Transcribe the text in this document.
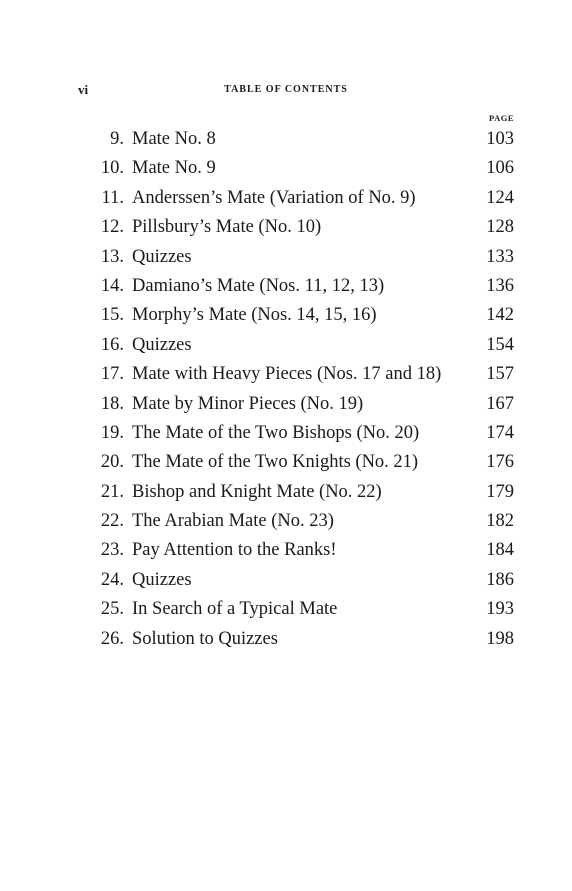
vi	TABLE OF CONTENTS
PAGE
9. Mate No. 8	103
10. Mate No. 9	106
11. Anderssen’s Mate (Variation of No. 9)	124
12. Pillsbury’s Mate (No. 10)	128
13. Quizzes	133
14. Damiano’s Mate (Nos. 11, 12, 13)	136
15. Morphy’s Mate (Nos. 14, 15, 16)	142
16. Quizzes	154
17. Mate with Heavy Pieces (Nos. 17 and 18)	157
18. Mate by Minor Pieces (No. 19)	167
19. The Mate of the Two Bishops (No. 20)	174
20. The Mate of the Two Knights (No. 21)	176
21. Bishop and Knight Mate (No. 22)	179
22. The Arabian Mate (No. 23)	182
23. Pay Attention to the Ranks!	184
24. Quizzes	186
25. In Search of a Typical Mate	193
26. Solution to Quizzes	198
